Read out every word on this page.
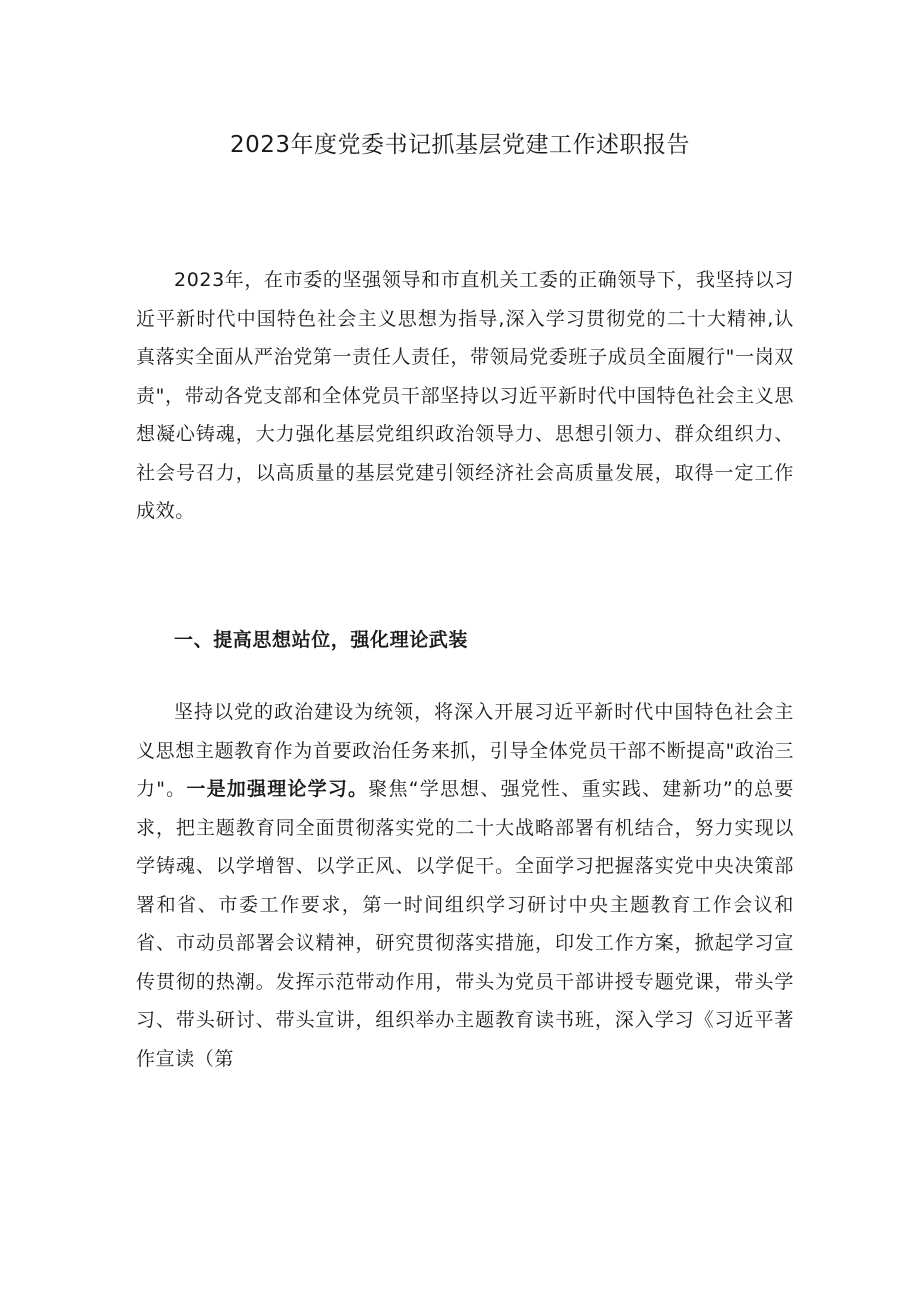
2023年度党委书记抓基层党建工作述职报告

2023年，在市委的坚强领导和市直机关工委的正确领导下，我坚持以习近平新时代中国特色社会主义思想为指导,深入学习贯彻党的二十大精神,认真落实全面从严治党第一责任人责任，带领局党委班子成员全面履行"一岗双责"，带动各党支部和全体党员干部坚持以习近平新时代中国特色社会主义思想凝心铸魂，大力强化基层党组织政治领导力、思想引领力、群众组织力、社会号召力，以高质量的基层党建引领经济社会高质量发展，取得一定工作成效。

一、提高思想站位，强化理论武装

坚持以党的政治建设为统领，将深入开展习近平新时代中国特色社会主义思想主题教育作为首要政治任务来抓，引导全体党员干部不断提高"政治三力"。一是加强理论学习。聚焦“学思想、强党性、重实践、建新功”的总要求，把主题教育同全面贯彻落实党的二十大战略部署有机结合，努力实现以学铸魂、以学增智、以学正风、以学促干。全面学习把握落实党中央决策部署和省、市委工作要求，第一时间组织学习研讨中央主题教育工作会议和省、市动员部署会议精神，研究贯彻落实措施，印发工作方案，掀起学习宣传贯彻的热潮。发挥示范带动作用，带头为党员干部讲授专题党课，带头学习、带头研讨、带头宣讲，组织举办主题教育读书班，深入学习《习近平著作宣读（第
